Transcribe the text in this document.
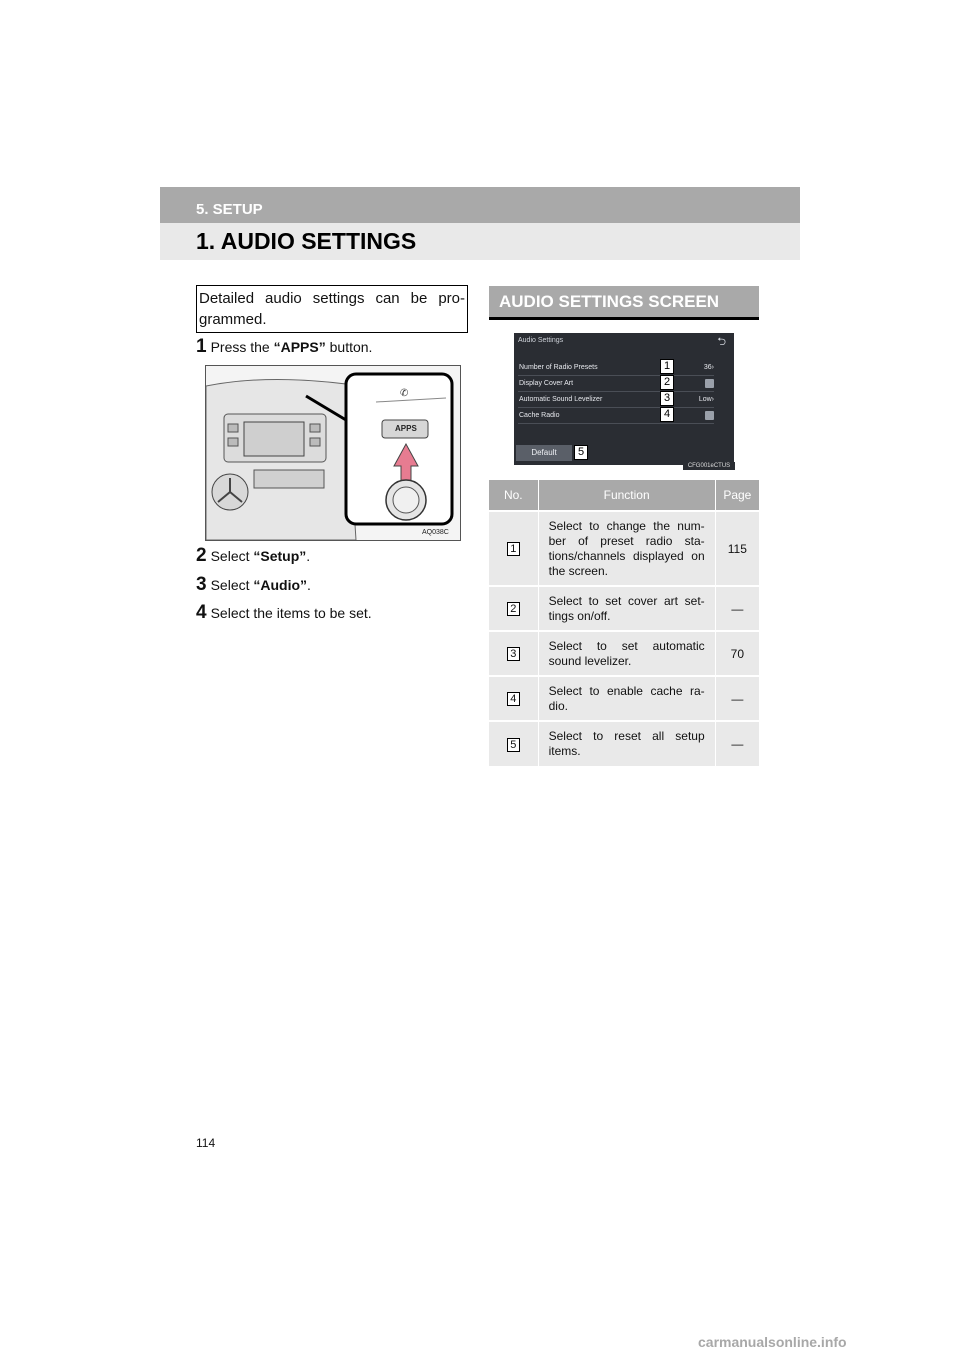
5. SETUP
1. AUDIO SETTINGS
Detailed audio settings can be pro-grammed.
1 Press the “APPS” button.
✆
APPS
AQ038C
2 Select “Setup”.
3 Select “Audio”.
4 Select the items to be set.
AUDIO SETTINGS SCREEN
Audio Settings	⮌
Number of Radio Presets	36›
Display Cover Art
Automatic Sound Levelizer	Low›
Cache Radio
1
2
3
4
Default	5
CFG001eCTUS
No.	Function	Page
1	Select to change the num-ber of preset radio sta-tions/channels displayed on the screen.	115
2	Select to set cover art set-tings on/off.	—
3	Select to set automatic sound levelizer.	70
4	Select to enable cache ra-dio.	—
5	Select to reset all setup items.	—
114
carmanualsonline.info
